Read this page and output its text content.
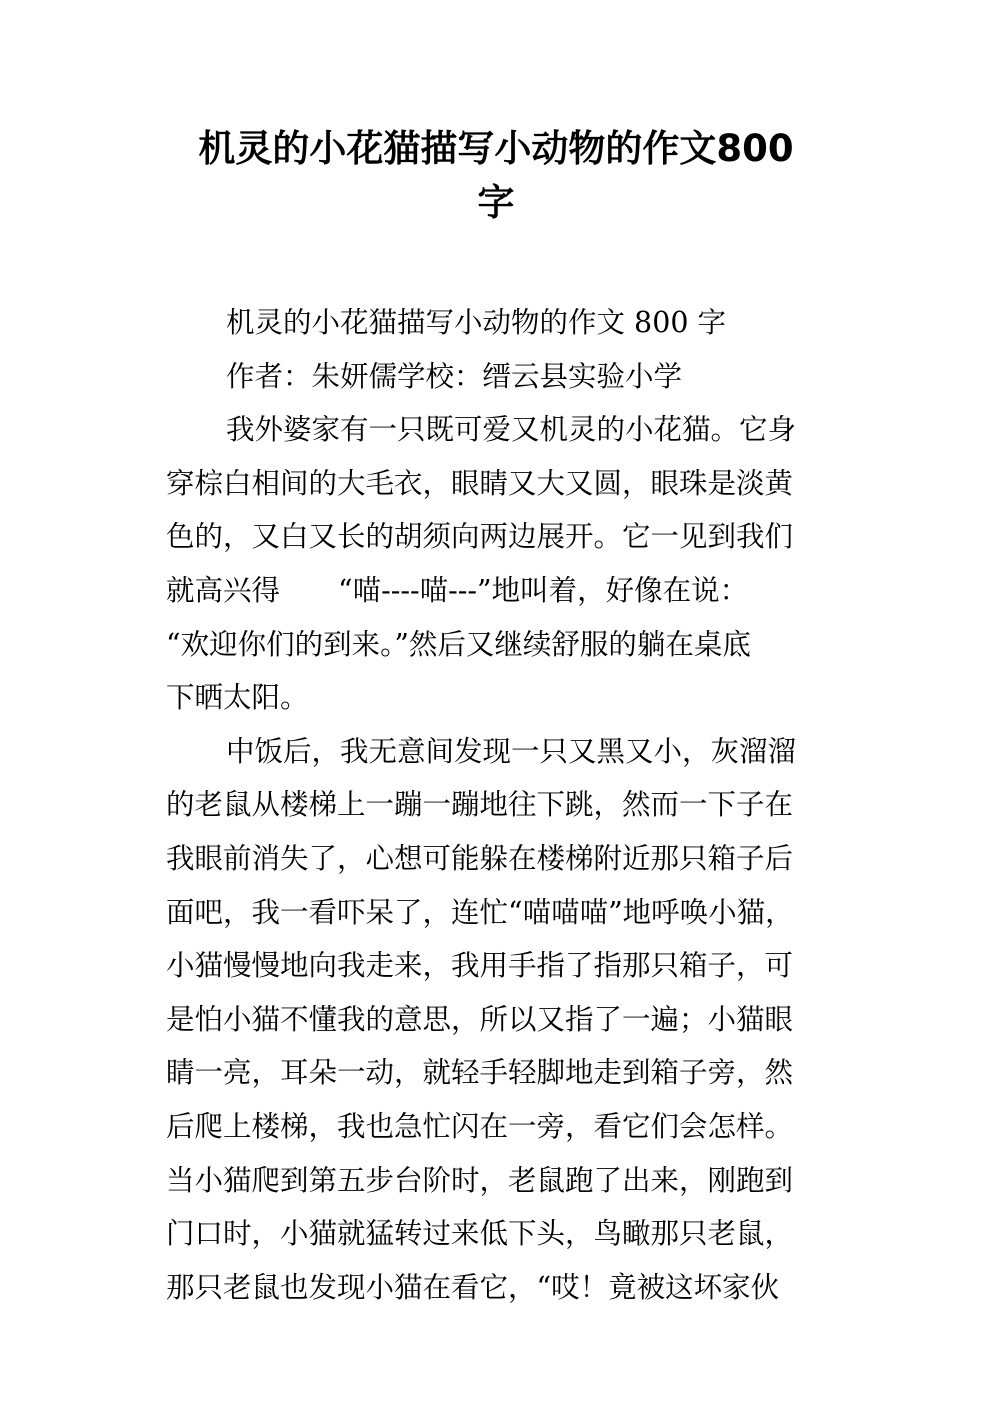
机灵的小花猫描写小动物的作文800
字
机灵的小花猫描写小动物的作文 800 字
作者：朱妍儒学校：缙云县实验小学
我外婆家有一只既可爱又机灵的小花猫。它身
穿棕白相间的大毛衣，眼睛又大又圆，眼珠是淡黄
色的，又白又长的胡须向两边展开。它一见到我们
就高兴得 “喵----喵---”地叫着，好像在说：
“欢迎你们的到来。”然后又继续舒服的躺在桌底
下晒太阳。
中饭后，我无意间发现一只又黑又小，灰溜溜
的老鼠从楼梯上一蹦一蹦地往下跳，然而一下子在
我眼前消失了，心想可能躲在楼梯附近那只箱子后
面吧，我一看吓呆了，连忙“喵喵喵”地呼唤小猫，
小猫慢慢地向我走来，我用手指了指那只箱子，可
是怕小猫不懂我的意思，所以又指了一遍；小猫眼
睛一亮，耳朵一动，就轻手轻脚地走到箱子旁，然
后爬上楼梯，我也急忙闪在一旁，看它们会怎样。
当小猫爬到第五步台阶时，老鼠跑了出来，刚跑到
门口时，小猫就猛转过来低下头，鸟瞰那只老鼠，
那只老鼠也发现小猫在看它，“哎！竟被这坏家伙
